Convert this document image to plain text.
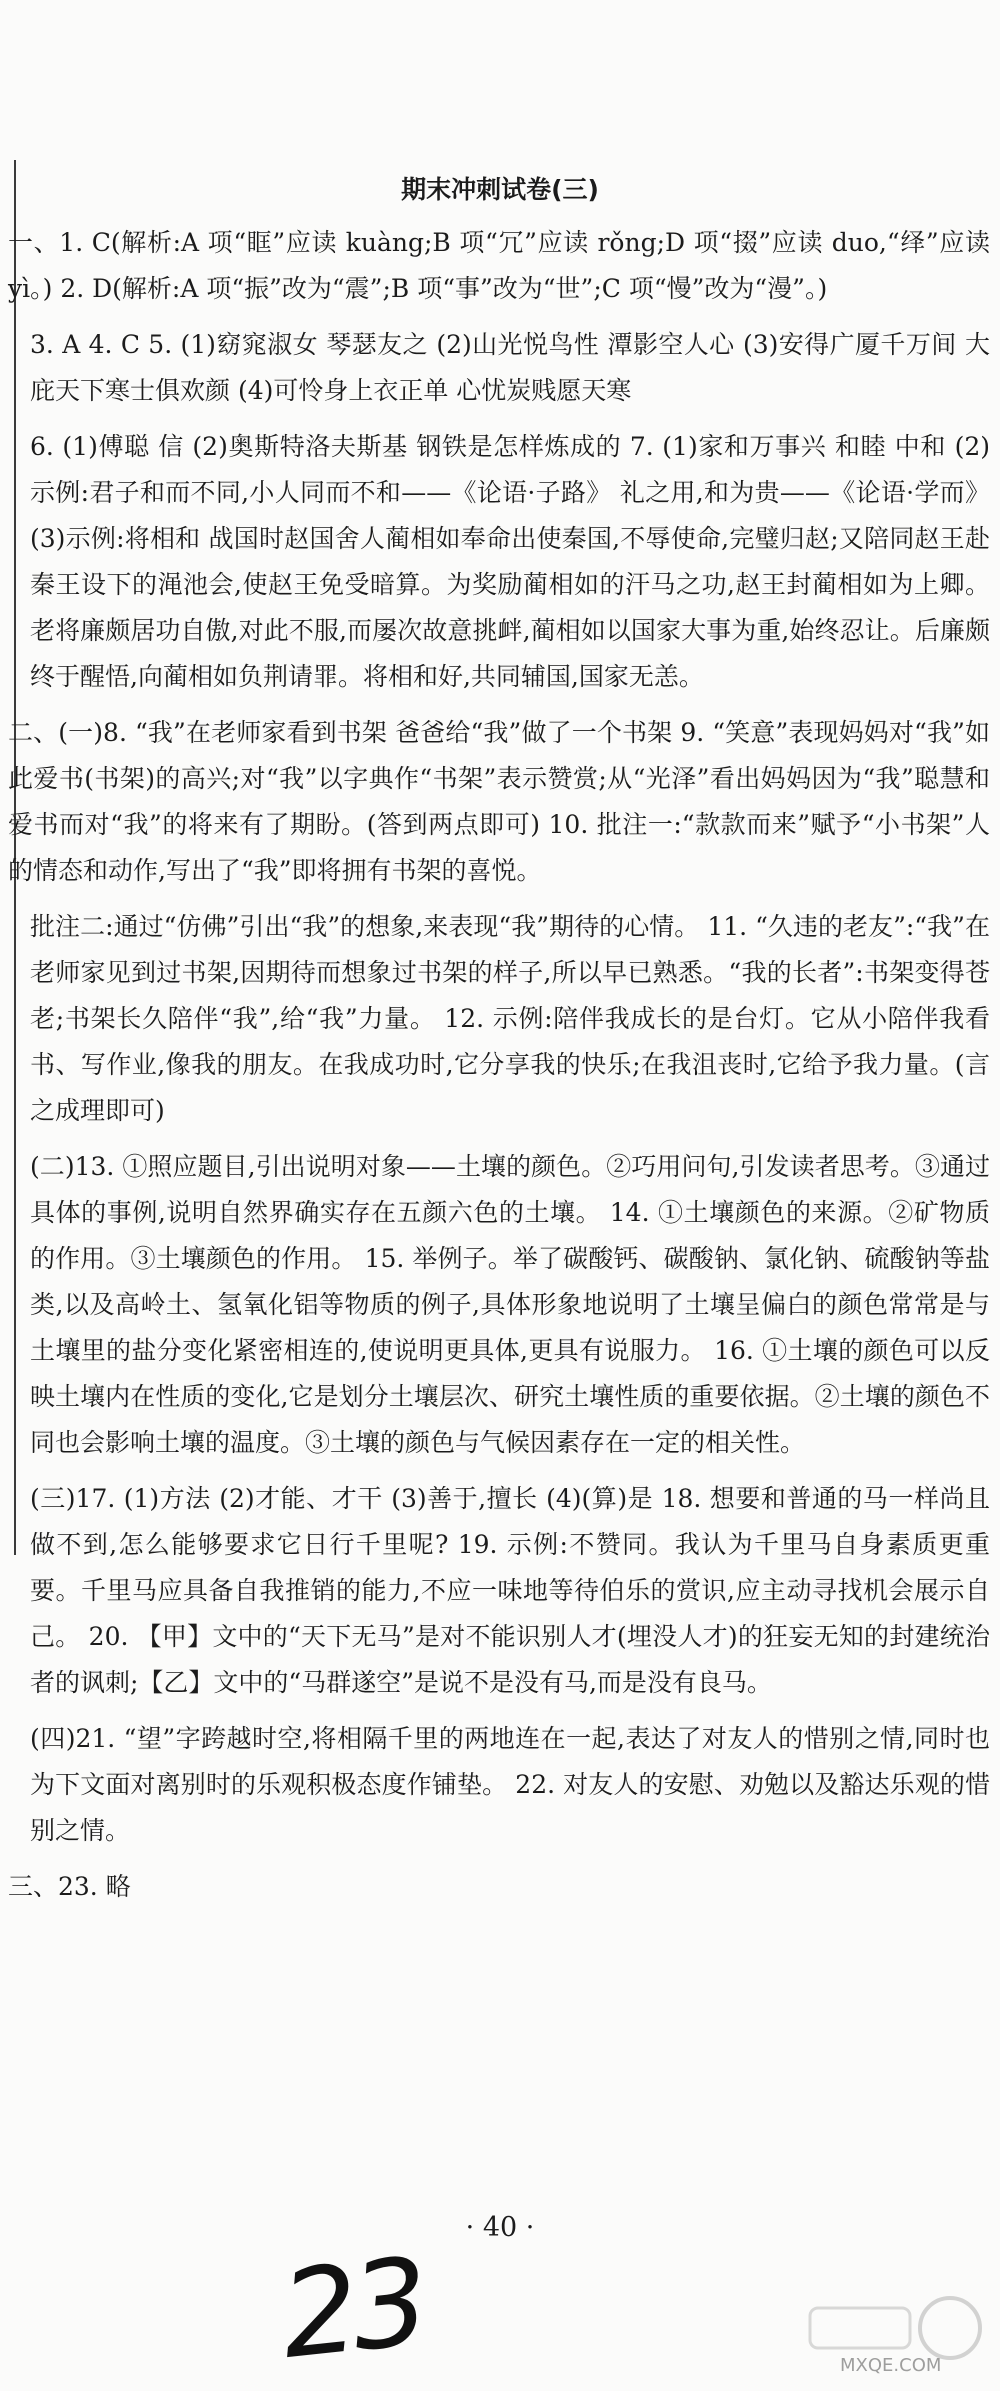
期末冲刺试卷(三)

一、1. C(解析:A 项“眶”应读 kuàng;B 项“冗”应读 rǒng;D 项“掇”应读 duo,“绎”应读 yì。) 2. D(解析:A 项“振”改为“震”;B 项“事”改为“世”;C 项“慢”改为“漫”。)

3. A 4. C 5. (1)窈窕淑女 琴瑟友之 (2)山光悦鸟性 潭影空人心 (3)安得广厦千万间 大庇天下寒士俱欢颜 (4)可怜身上衣正单 心忧炭贱愿天寒

6. (1)傅聪 信 (2)奥斯特洛夫斯基 钢铁是怎样炼成的 7. (1)家和万事兴 和睦 中和 (2)示例:君子和而不同,小人同而不和——《论语·子路》 礼之用,和为贵——《论语·学而》 (3)示例:将相和 战国时赵国舍人蔺相如奉命出使秦国,不辱使命,完璧归赵;又陪同赵王赴秦王设下的渑池会,使赵王免受暗算。为奖励蔺相如的汗马之功,赵王封蔺相如为上卿。老将廉颇居功自傲,对此不服,而屡次故意挑衅,蔺相如以国家大事为重,始终忍让。后廉颇终于醒悟,向蔺相如负荆请罪。将相和好,共同辅国,国家无恙。

二、(一)8. “我”在老师家看到书架 爸爸给“我”做了一个书架 9. “笑意”表现妈妈对“我”如此爱书(书架)的高兴;对“我”以字典作“书架”表示赞赏;从“光泽”看出妈妈因为“我”聪慧和爱书而对“我”的将来有了期盼。(答到两点即可) 10. 批注一:“款款而来”赋予“小书架”人的情态和动作,写出了“我”即将拥有书架的喜悦。

批注二:通过“仿佛”引出“我”的想象,来表现“我”期待的心情。 11. “久违的老友”:“我”在老师家见到过书架,因期待而想象过书架的样子,所以早已熟悉。“我的长者”:书架变得苍老;书架长久陪伴“我”,给“我”力量。 12. 示例:陪伴我成长的是台灯。它从小陪伴我看书、写作业,像我的朋友。在我成功时,它分享我的快乐;在我沮丧时,它给予我力量。(言之成理即可)

(二)13. ①照应题目,引出说明对象——土壤的颜色。②巧用问句,引发读者思考。③通过具体的事例,说明自然界确实存在五颜六色的土壤。 14. ①土壤颜色的来源。②矿物质的作用。③土壤颜色的作用。 15. 举例子。举了碳酸钙、碳酸钠、氯化钠、硫酸钠等盐类,以及高岭土、氢氧化铝等物质的例子,具体形象地说明了土壤呈偏白的颜色常常是与土壤里的盐分变化紧密相连的,使说明更具体,更具有说服力。 16. ①土壤的颜色可以反映土壤内在性质的变化,它是划分土壤层次、研究土壤性质的重要依据。②土壤的颜色不同也会影响土壤的温度。③土壤的颜色与气候因素存在一定的相关性。

(三)17. (1)方法 (2)才能、才干 (3)善于,擅长 (4)(算)是 18. 想要和普通的马一样尚且做不到,怎么能够要求它日行千里呢? 19. 示例:不赞同。我认为千里马自身素质更重要。千里马应具备自我推销的能力,不应一味地等待伯乐的赏识,应主动寻找机会展示自己。 20. 【甲】文中的“天下无马”是对不能识别人才(埋没人才)的狂妄无知的封建统治者的讽刺;【乙】文中的“马群遂空”是说不是没有马,而是没有良马。

(四)21. “望”字跨越时空,将相隔千里的两地连在一起,表达了对友人的惜别之情,同时也为下文面对离别时的乐观积极态度作铺垫。 22. 对友人的安慰、劝勉以及豁达乐观的惜别之情。

三、23. 略

· 40 ·
23	MXQE.COM
